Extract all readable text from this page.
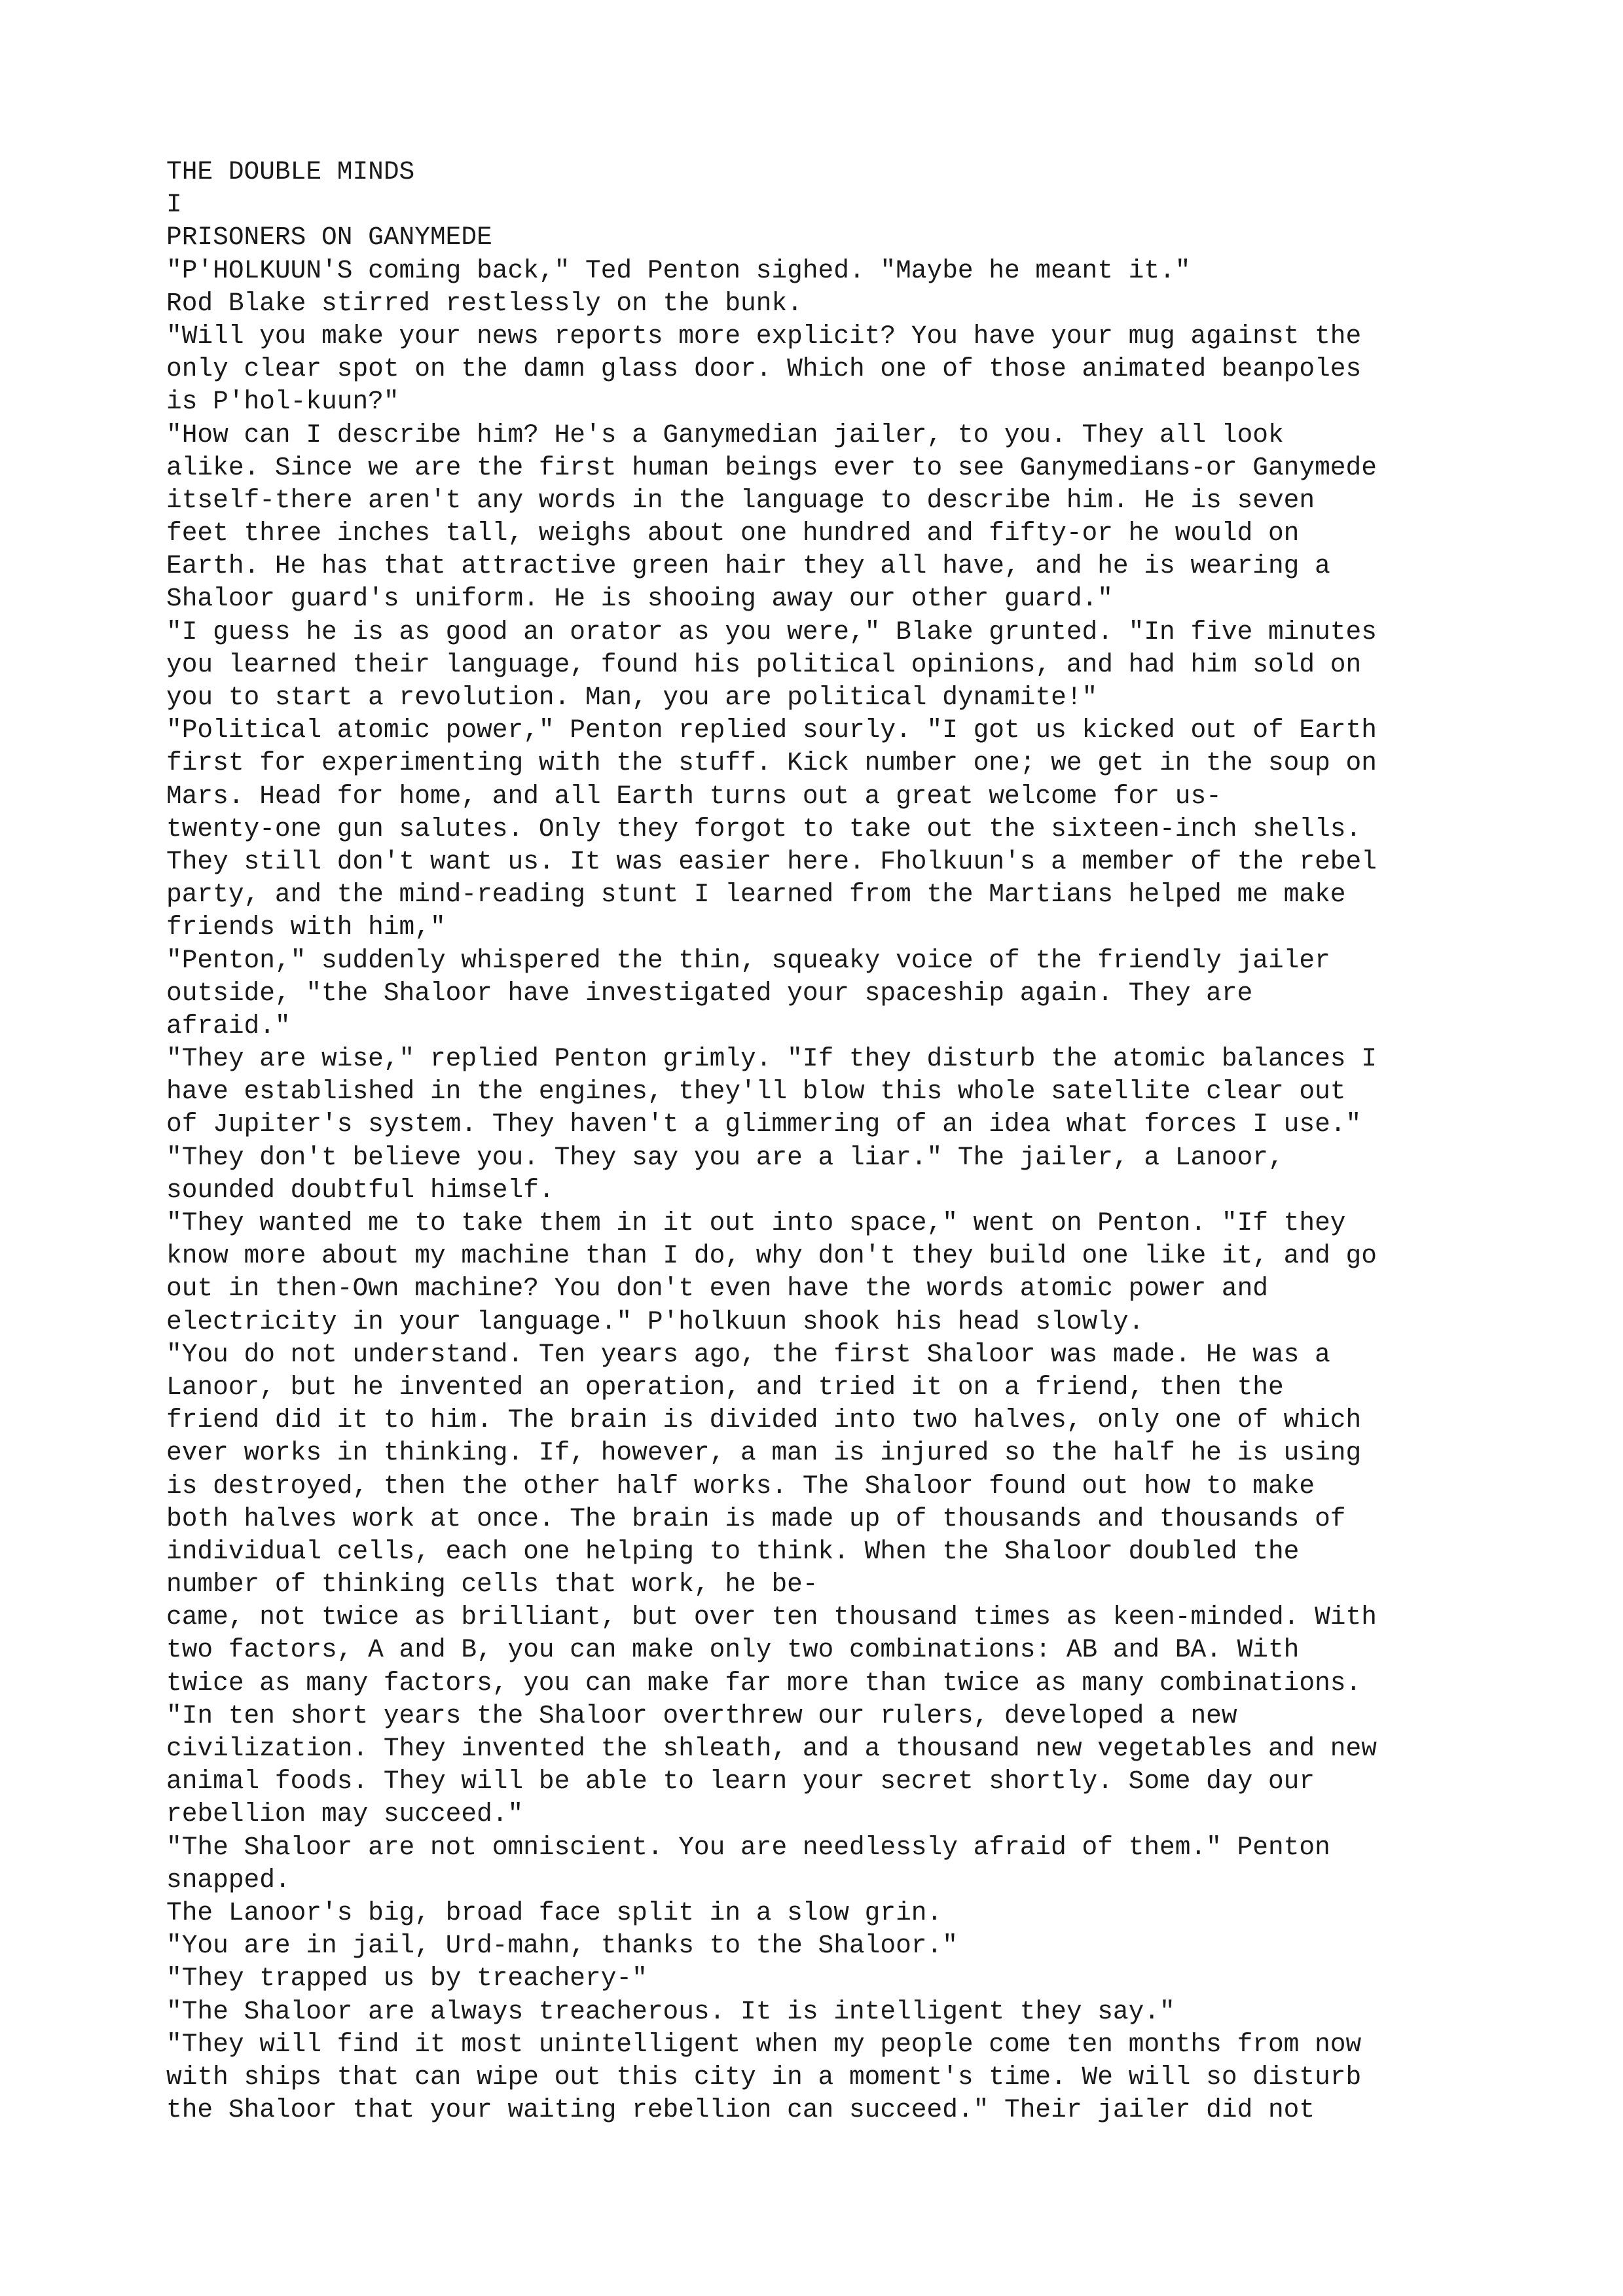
THE DOUBLE MINDS
I
PRISONERS ON GANYMEDE
"P'HOLKUUN'S coming back," Ted Penton sighed. "Maybe he meant it."
Rod Blake stirred restlessly on the bunk.
"Will you make your news reports more explicit? You have your mug against the
only clear spot on the damn glass door. Which one of those animated beanpoles
is P'hol-kuun?"
"How can I describe him? He's a Ganymedian jailer, to you. They all look
alike. Since we are the first human beings ever to see Ganymedians-or Ganymede
itself-there aren't any words in the language to describe him. He is seven
feet three inches tall, weighs about one hundred and fifty-or he would on
Earth. He has that attractive green hair they all have, and he is wearing a
Shaloor guard's uniform. He is shooing away our other guard."
"I guess he is as good an orator as you were," Blake grunted. "In five minutes
you learned their language, found his political opinions, and had him sold on
you to start a revolution. Man, you are political dynamite!"
"Political atomic power," Penton replied sourly. "I got us kicked out of Earth
first for experimenting with the stuff. Kick number one; we get in the soup on
Mars. Head for home, and all Earth turns out a great welcome for us-
twenty-one gun salutes. Only they forgot to take out the sixteen-inch shells.
They still don't want us. It was easier here. Fholkuun's a member of the rebel
party, and the mind-reading stunt I learned from the Martians helped me make
friends with him,"
"Penton," suddenly whispered the thin, squeaky voice of the friendly jailer
outside, "the Shaloor have investigated your spaceship again. They are
afraid."
"They are wise," replied Penton grimly. "If they disturb the atomic balances I
have established in the engines, they'll blow this whole satellite clear out
of Jupiter's system. They haven't a glimmering of an idea what forces I use."
"They don't believe you. They say you are a liar." The jailer, a Lanoor,
sounded doubtful himself.
"They wanted me to take them in it out into space," went on Penton. "If they
know more about my machine than I do, why don't they build one like it, and go
out in then-Own machine? You don't even have the words atomic power and
electricity in your language." P'holkuun shook his head slowly.
"You do not understand. Ten years ago, the first Shaloor was made. He was a
Lanoor, but he invented an operation, and tried it on a friend, then the
friend did it to him. The brain is divided into two halves, only one of which
ever works in thinking. If, however, a man is injured so the half he is using
is destroyed, then the other half works. The Shaloor found out how to make
both halves work at once. The brain is made up of thousands and thousands of
individual cells, each one helping to think. When the Shaloor doubled the
number of thinking cells that work, he be-
came, not twice as brilliant, but over ten thousand times as keen-minded. With
two factors, A and B, you can make only two combinations: AB and BA. With
twice as many factors, you can make far more than twice as many combinations.
"In ten short years the Shaloor overthrew our rulers, developed a new
civilization. They invented the shleath, and a thousand new vegetables and new
animal foods. They will be able to learn your secret shortly. Some day our
rebellion may succeed."
"The Shaloor are not omniscient. You are needlessly afraid of them." Penton
snapped.
The Lanoor's big, broad face split in a slow grin.
"You are in jail, Urd-mahn, thanks to the Shaloor."
"They trapped us by treachery-"
"The Shaloor are always treacherous. It is intelligent they say."
"They will find it most unintelligent when my people come ten months from now
with ships that can wipe out this city in a moment's time. We will so disturb
the Shaloor that your waiting rebellion can succeed." Their jailer did not
